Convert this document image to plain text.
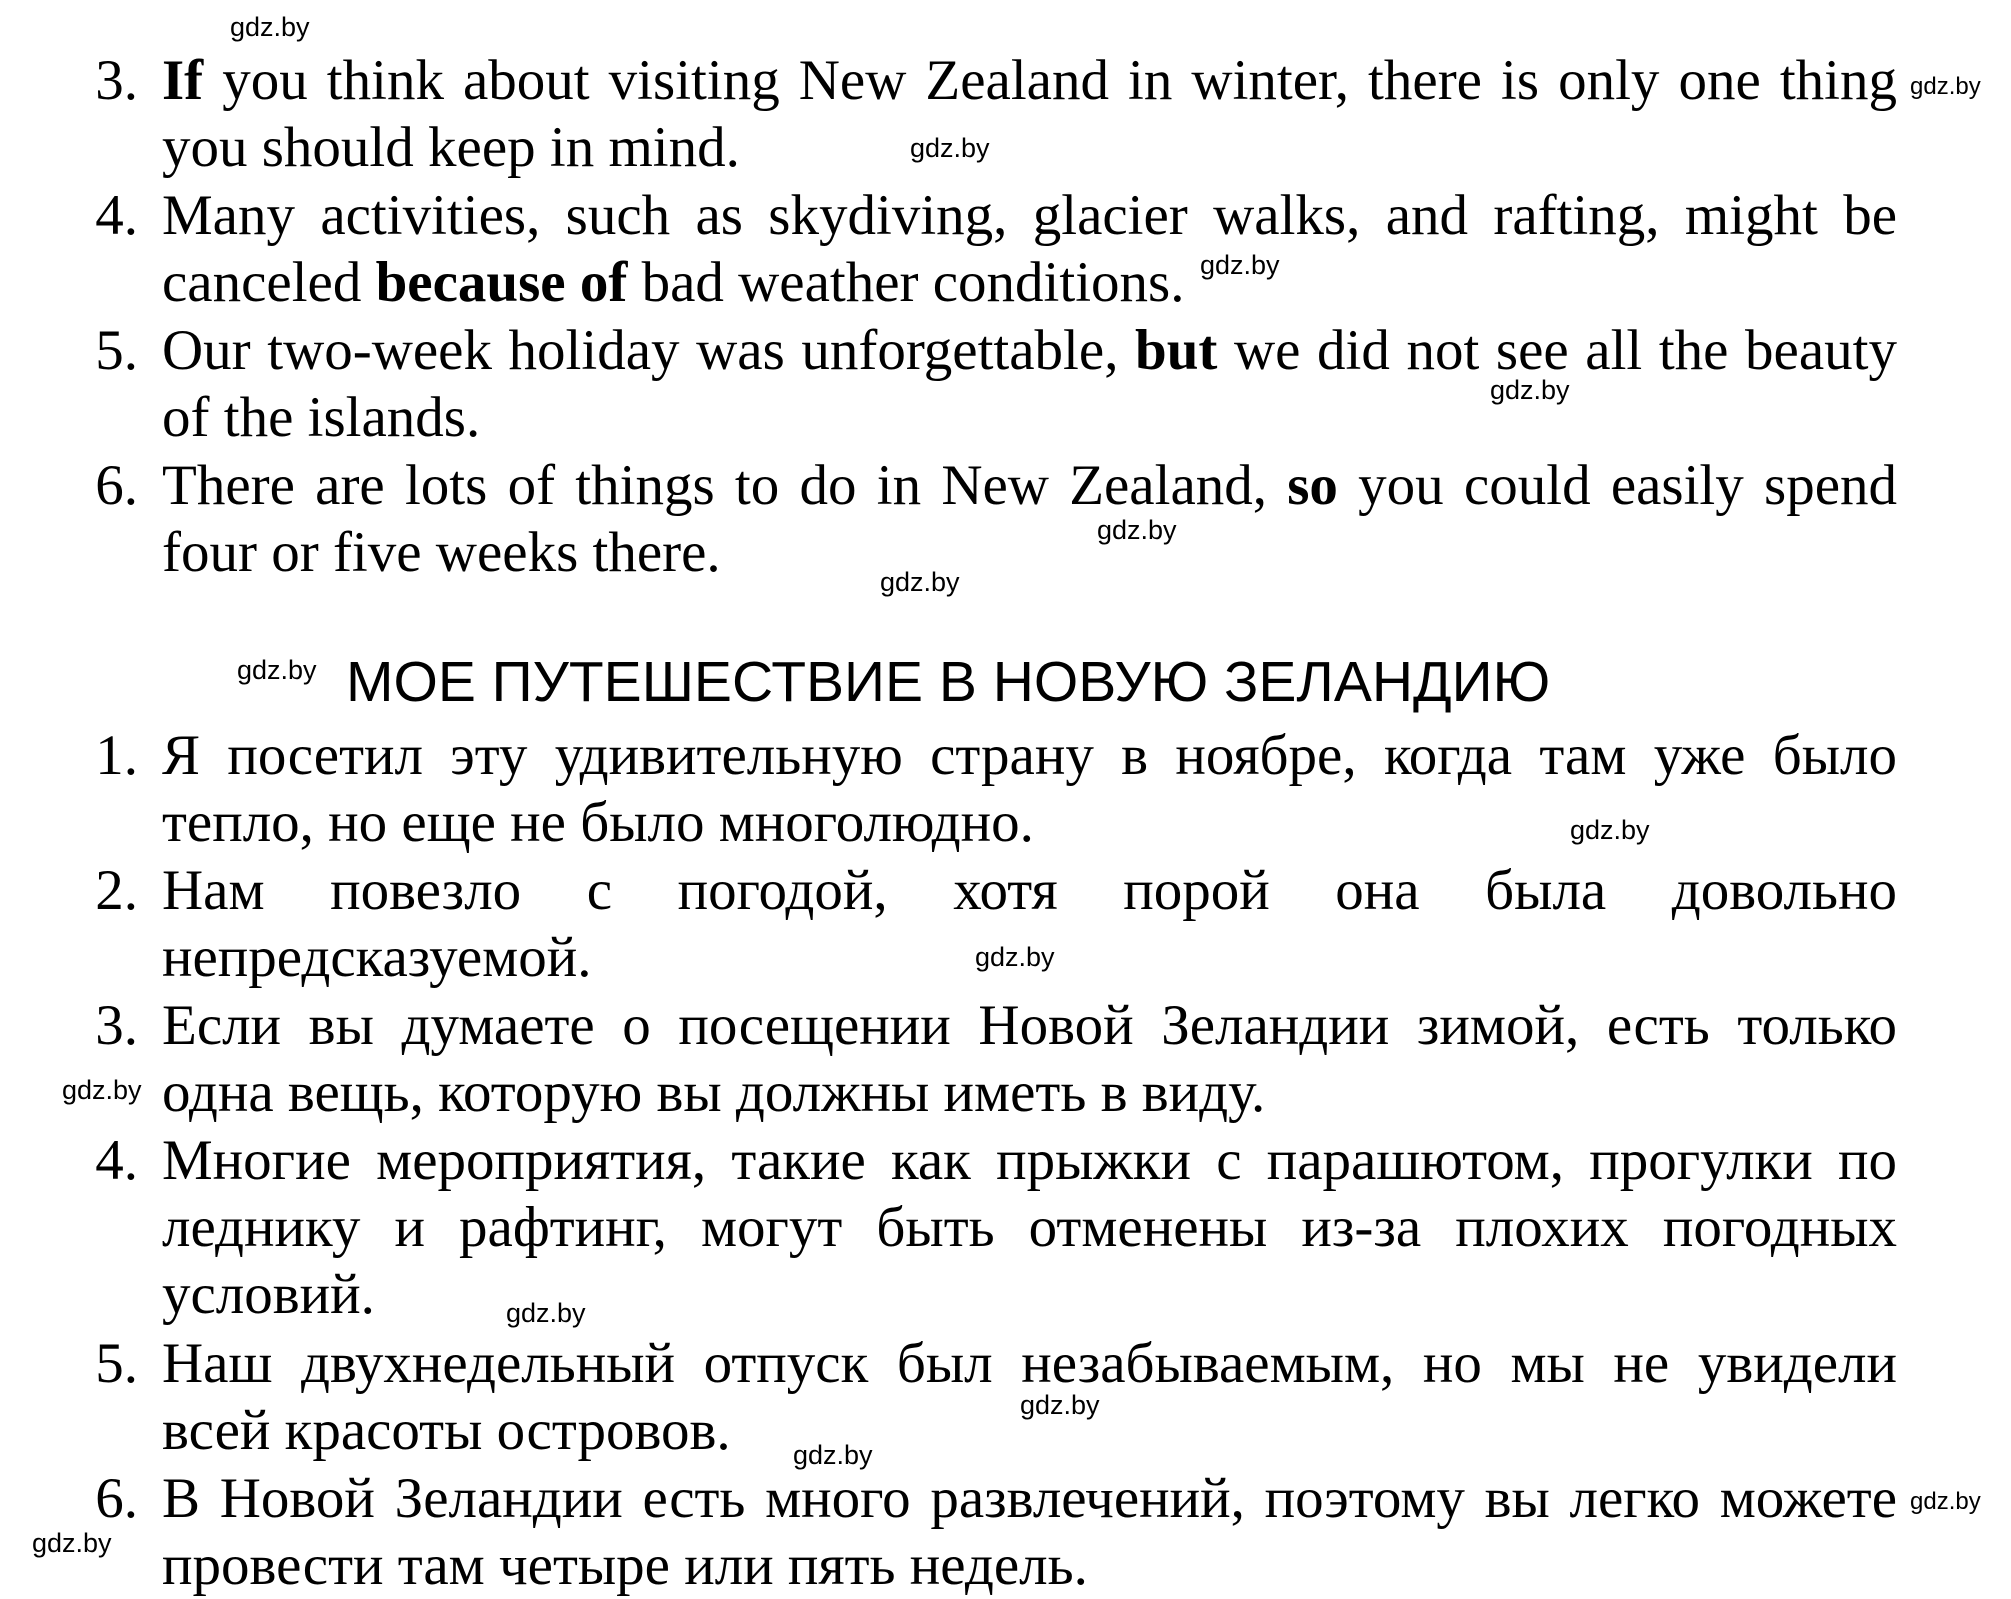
3. If you think about visiting New Zealand in winter, there is only one thing you should keep in mind.
4. Many activities, such as skydiving, glacier walks, and rafting, might be canceled because of bad weather conditions.
5. Our two-week holiday was unforgettable, but we did not see all the beauty of the islands.
6. There are lots of things to do in New Zealand, so you could easily spend four or five weeks there.
МОЕ ПУТЕШЕСТВИЕ В НОВУЮ ЗЕЛАНДИЮ
1. Я посетил эту удивительную страну в ноябре, когда там уже было тепло, но еще не было многолюдно.
2. Нам повезло с погодой, хотя порой она была довольно непредсказуемой.
3. Если вы думаете о посещении Новой Зеландии зимой, есть только одна вещь, которую вы должны иметь в виду.
4. Многие мероприятия, такие как прыжки с парашютом, прогулки по леднику и рафтинг, могут быть отменены из-за плохих погодных условий.
5. Наш двухнедельный отпуск был незабываемым, но мы не увидели всей красоты островов.
6. В Новой Зеландии есть много развлечений, поэтому вы легко можете провести там четыре или пять недель.
gdz.by
gdz.by
gdz.by
gdz.by
gdz.by
gdz.by
gdz.by
gdz.by
gdz.by
gdz.by
gdz.by
gdz.by
gdz.by
gdz.by
gdz.by
gdz.by
